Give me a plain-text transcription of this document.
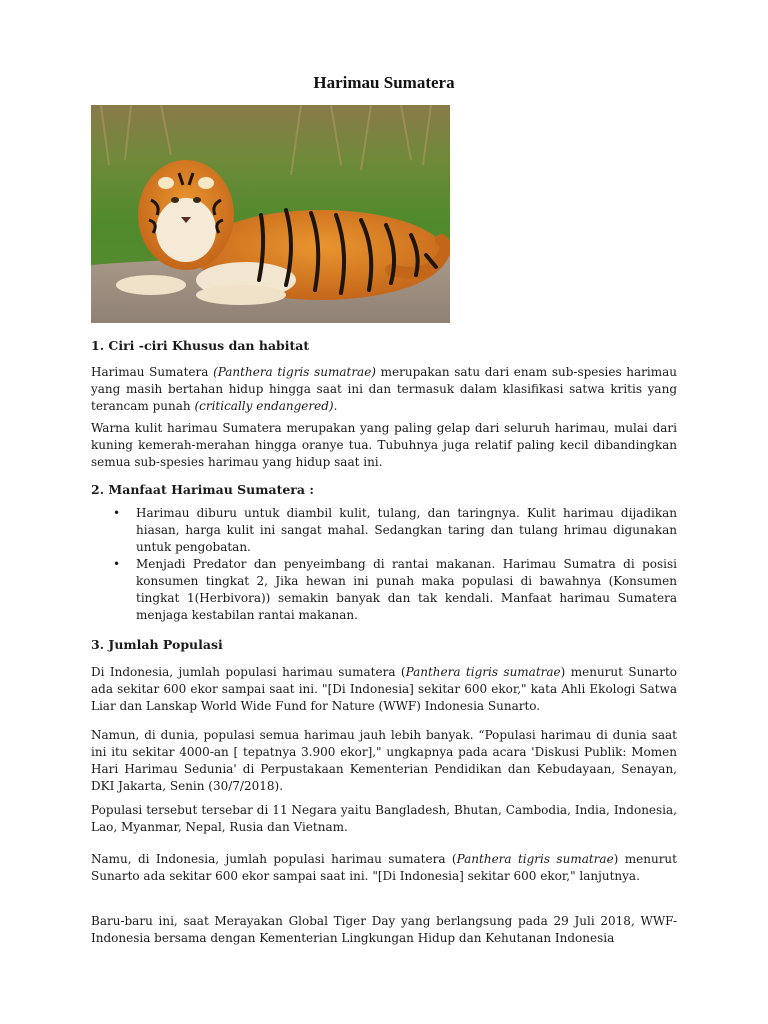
Harimau Sumatera
1. Ciri -ciri Khusus dan habitat

Harimau Sumatera (Panthera tigris sumatrae) merupakan satu dari enam sub-spesies harimau yang masih bertahan hidup hingga saat ini dan termasuk dalam klasifikasi satwa kritis yang terancam punah (critically endangered).

Warna kulit harimau Sumatera merupakan yang paling gelap dari seluruh harimau, mulai dari kuning kemerah-merahan hingga oranye tua. Tubuhnya juga relatif paling kecil dibandingkan semua sub-spesies harimau yang hidup saat ini.

2. Manfaat Harimau Sumatera :
• Harimau diburu untuk diambil kulit, tulang, dan taringnya. Kulit harimau dijadikan hiasan, harga kulit ini sangat mahal. Sedangkan taring dan tulang hrimau digunakan untuk pengobatan.
• Menjadi Predator dan penyeimbang di rantai makanan. Harimau Sumatra di posisi konsumen tingkat 2, Jika hewan ini punah maka populasi di bawahnya (Konsumen tingkat 1(Herbivora)) semakin banyak dan tak kendali. Manfaat harimau Sumatera menjaga kestabilan rantai makanan.
3. Jumlah Populasi

Di Indonesia, jumlah populasi harimau sumatera (Panthera tigris sumatrae) menurut Sunarto ada sekitar 600 ekor sampai saat ini. "[Di Indonesia] sekitar 600 ekor," kata Ahli Ekologi Satwa Liar dan Lanskap World Wide Fund for Nature (WWF) Indonesia Sunarto.

Namun, di dunia, populasi semua harimau jauh lebih banyak. “Populasi harimau di dunia saat ini itu sekitar 4000-an [ tepatnya 3.900 ekor]," ungkapnya pada acara 'Diskusi Publik: Momen Hari Harimau Sedunia' di Perpustakaan Kementerian Pendidikan dan Kebudayaan, Senayan, DKI Jakarta, Senin (30/7/2018).

Populasi tersebut tersebar di 11 Negara yaitu Bangladesh, Bhutan, Cambodia, India, Indonesia, Lao, Myanmar, Nepal, Rusia dan Vietnam.

Namu, di Indonesia, jumlah populasi harimau sumatera (Panthera tigris sumatrae) menurut Sunarto ada sekitar 600 ekor sampai saat ini. "[Di Indonesia] sekitar 600 ekor," lanjutnya.

Baru-baru ini, saat Merayakan Global Tiger Day yang berlangsung pada 29 Juli 2018, WWF-Indonesia bersama dengan Kementerian Lingkungan Hidup dan Kehutanan Indonesia
